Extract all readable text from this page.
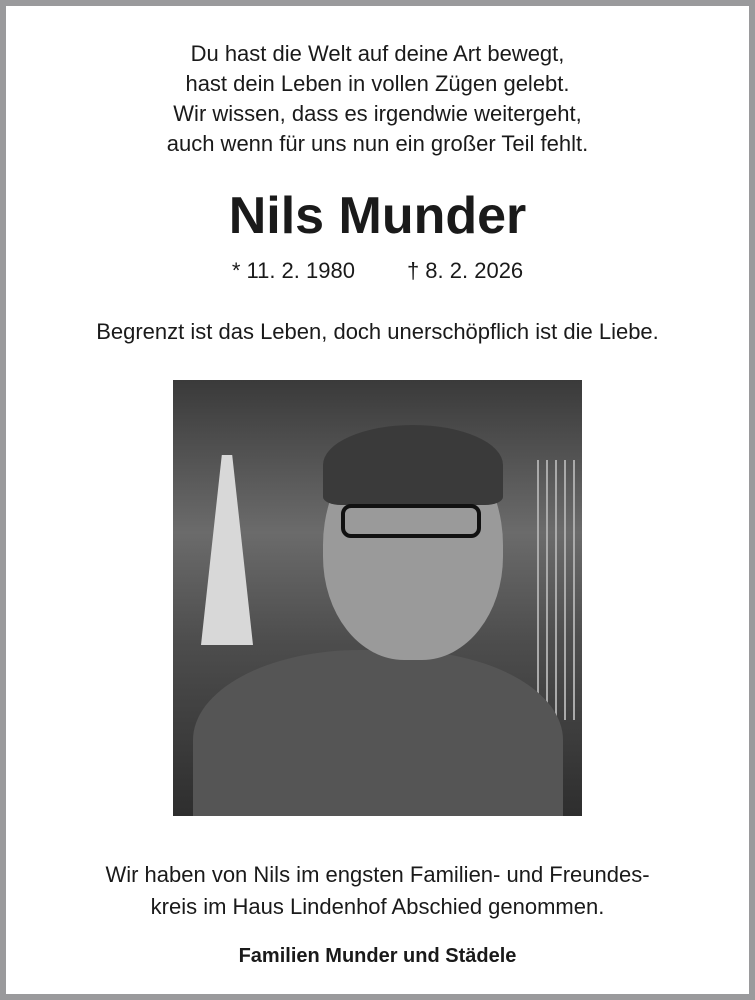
Du hast die Welt auf deine Art bewegt,
hast dein Leben in vollen Zügen gelebt.
Wir wissen, dass es irgendwie weitergeht,
auch wenn für uns nun ein großer Teil fehlt.
Nils Munder
* 11. 2. 1980 † 8. 2. 2026
Begrenzt ist das Leben, doch unerschöpflich ist die Liebe.
Wir haben von Nils im engsten Familien- und Freundes-
kreis im Haus Lindenhof Abschied genommen.
Familien Munder und Städele
